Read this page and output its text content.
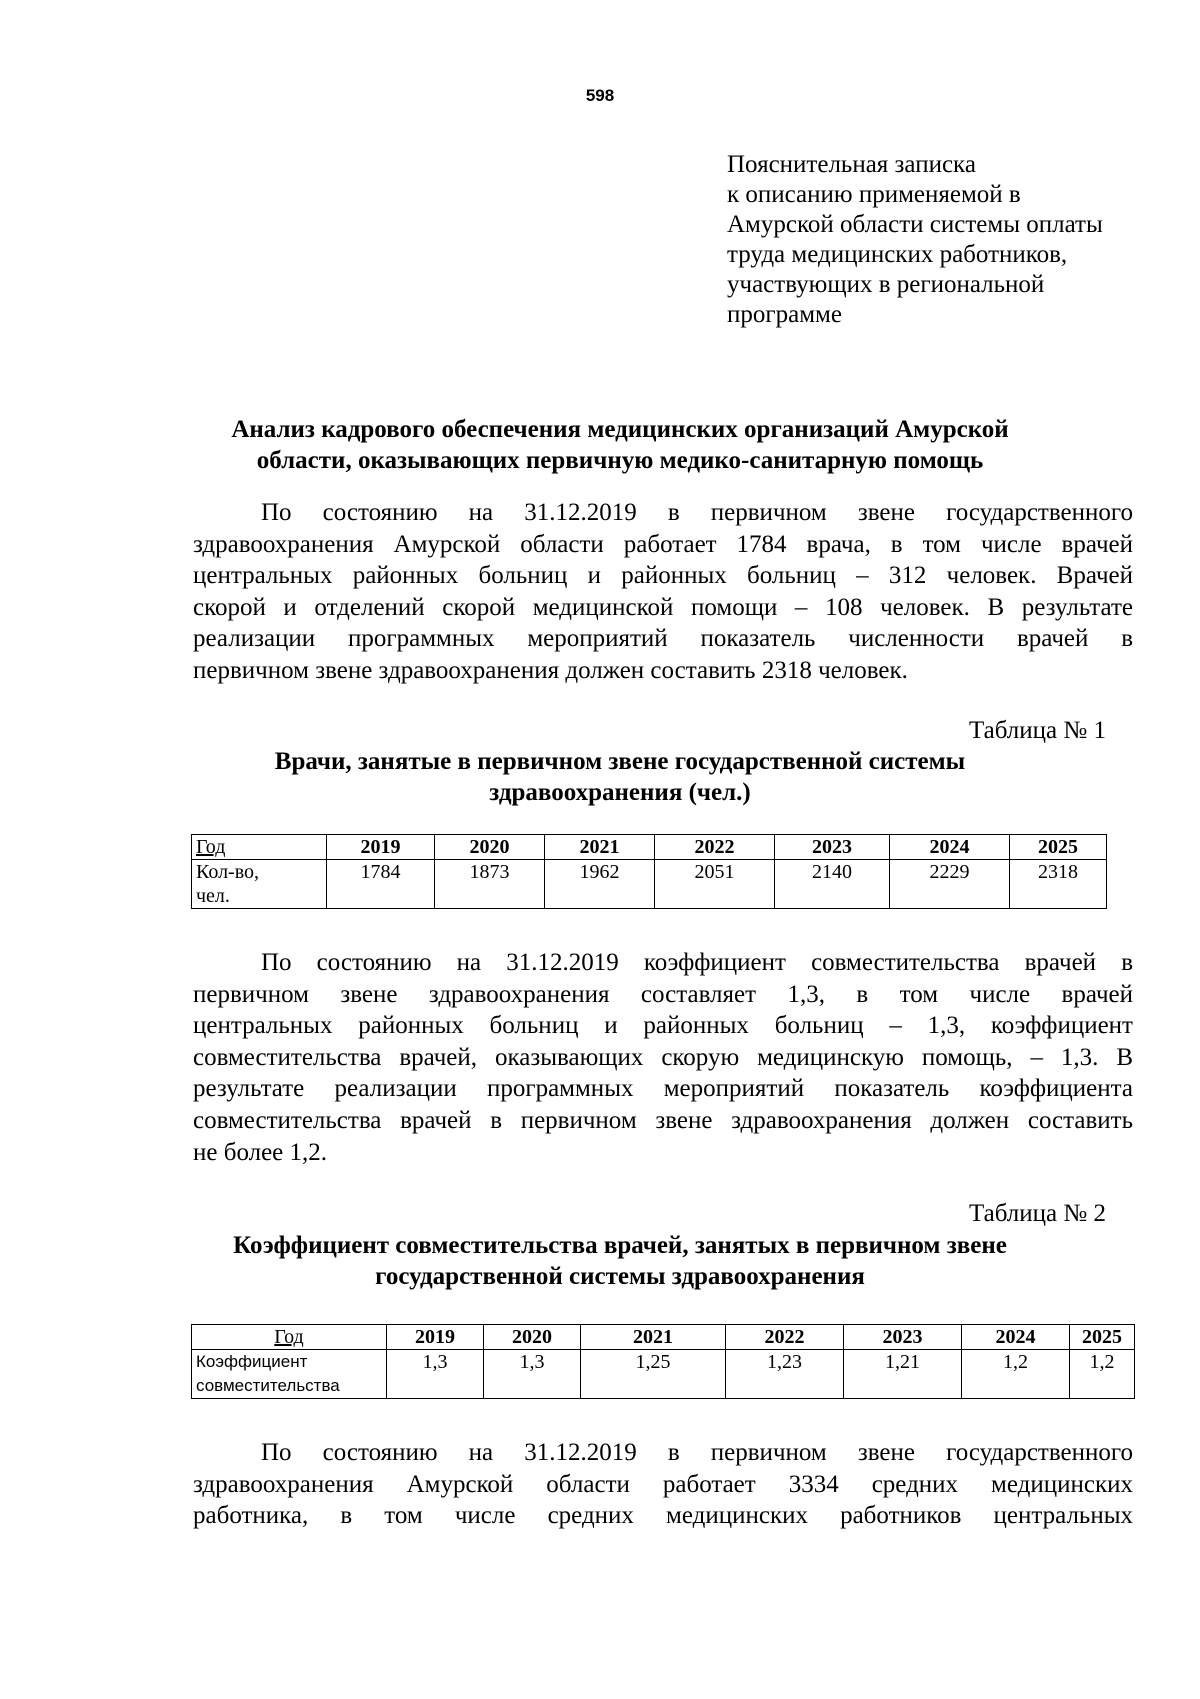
598
Пояснительная записка
к описанию применяемой в
Амурской области системы оплаты
труда медицинских работников,
участвующих в региональной
программе
Анализ кадрового обеспечения медицинских организаций Амурской
области, оказывающих первичную медико-санитарную помощь
По состоянию на 31.12.2019 в первичном звене государственного
здравоохранения Амурской области работает 1784 врача, в том числе врачей
центральных районных больниц и районных больниц – 312 человек. Врачей
скорой и отделений скорой медицинской помощи – 108 человек. В результате
реализации программных мероприятий показатель численности врачей в
первичном звене здравоохранения должен составить 2318 человек.
Таблица № 1
Врачи, занятые в первичном звене государственной системы
здравоохранения (чел.)
Год	2019	2020	2021	2022	2023	2024	2025

Кол-во,
чел.	1784	1873	1962	2051	2140	2229	2318
По состоянию на 31.12.2019 коэффициент совместительства врачей в
первичном звене здравоохранения составляет 1,3, в том числе врачей
центральных районных больниц и районных больниц – 1,3, коэффициент
совместительства врачей, оказывающих скорую медицинскую помощь, – 1,3. В
результате реализации программных мероприятий показатель коэффициента
совместительства врачей в первичном звене здравоохранения должен составить
не более 1,2.
Таблица № 2
Коэффициент совместительства врачей, занятых в первичном звене
государственной системы здравоохранения
Год	2019	2020	2021	2022	2023	2024	2025

Коэффициент
совместительства	1,3	1,3	1,25	1,23	1,21	1,2	1,2
По состоянию на 31.12.2019 в первичном звене государственного
здравоохранения Амурской области работает 3334 средних медицинских
работника, в том числе средних медицинских работников центральных
